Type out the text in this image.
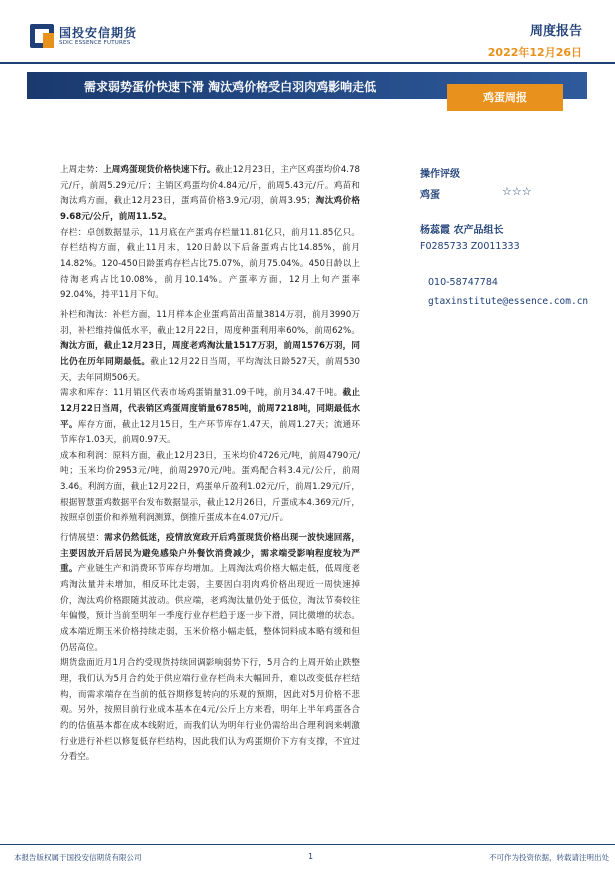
国投安信期货
SDIC ESSENCE FUTURES
周度报告
2022年12月26日
需求弱势蛋价快速下滑 淘汰鸡价格受白羽肉鸡影响走低
鸡蛋周报

上周走势：上周鸡蛋现货价格快速下行。截止12月23日，主产区鸡蛋均价4.78元/斤，前周5.29元/斤；主销区鸡蛋均价4.84元/斤，前周5.43元/斤。鸡苗和淘汰鸡方面，截止12月23日，蛋鸡苗价格3.9元/羽，前周3.95；淘汰鸡价格9.68元/公斤，前周11.52。

存栏：卓创数据显示，11月底在产蛋鸡存栏量11.81亿只，前月11.85亿只。存栏结构方面，截止11月末，120日龄以下后备蛋鸡占比14.85%，前月14.82%。120-450日龄蛋鸡存栏占比75.07%，前月75.04%。450日龄以上待淘老鸡占比10.08%，前月10.14%。产蛋率方面，12月上旬产蛋率92.04%，持平11月下旬。

补栏和淘汰：补栏方面，11月样本企业蛋鸡苗出苗量3814万羽，前月3990万羽，补栏维持偏低水平，截止12月22日，周度种蛋利用率60%，前周62%。淘汰方面，截止12月23日，周度老鸡淘汰量1517万羽，前周1576万羽，同比仍在历年同期最低。截止12月22日当周，平均淘汰日龄527天，前周530天，去年同期506天。

需求和库存：11月销区代表市场鸡蛋销量31.09千吨，前月34.47千吨。截止12月22日当周，代表销区鸡蛋周度销量6785吨，前周7218吨，同期最低水平。库存方面，截止12月15日，生产环节库存1.47天，前周1.27天；流通环节库存1.03天，前周0.97天。

成本和利润：原料方面，截止12月23日，玉米均价4726元/吨，前周4790元/吨；玉米均价2953元/吨，前周2970元/吨。蛋鸡配合料3.4元/公斤，前周3.46。利润方面，截止12月22日，鸡蛋单斤盈利1.02元/斤，前周1.29元/斤，根据智慧蛋鸡数据平台发布数据显示，截止12月26日，斤蛋成本4.369元/斤，按照卓创蛋价和养殖利润测算，倒推斤蛋成本在4.07元/斤。

行情展望：需求仍然低迷，疫情放宽政开后鸡蛋现货价格出现一波快速回落，主要因放开后居民为避免感染户外餐饮消费减少，需求端受影响程度较为严重。产业链生产和消费环节库存均增加。上周淘汰鸡价格大幅走低，低周度老鸡淘汰量并未增加，相反环比走弱，主要因白羽肉鸡价格出现近一周快速掉价，淘汰鸡价格跟随其波动。供应端，老鸡淘汰量仍处于低位，淘汰节奏较往年偏慢，预计当前至明年一季度行业存栏趋于逐一步下滑，同比微增的状态。成本端近期玉米价格持续走弱，玉米价格小幅走低，整体饲料成本略有缓和但仍居高位。

期货盘面近月1月合约受现货持续回调影响弱势下行，5月合约上周开始止跌整理，我们认为5月合约处于供应端行业存栏尚未大幅回升，难以改变低存栏结构，而需求端存在当前的低谷期修复转向的乐观的预期，因此对5月价格不悲观。另外，按照目前行业成本基本在4元/公斤上方来看，明年上半年鸡蛋各合约的估值基本都在成本线附近，而我们认为明年行业仍需给出合理利润来刺激行业进行补栏以修复低存栏结构，因此我们认为鸡蛋期价下方有支撑，不宜过分看空。

操作评级
鸡蛋	☆☆☆
杨蕊霞 农产品组长
F0285733 Z0011333
010-58747784
gtaxinstitute@essence.com.cn
本报告版权属于国投安信期货有限公司	1	不可作为投资依据，转载请注明出处
